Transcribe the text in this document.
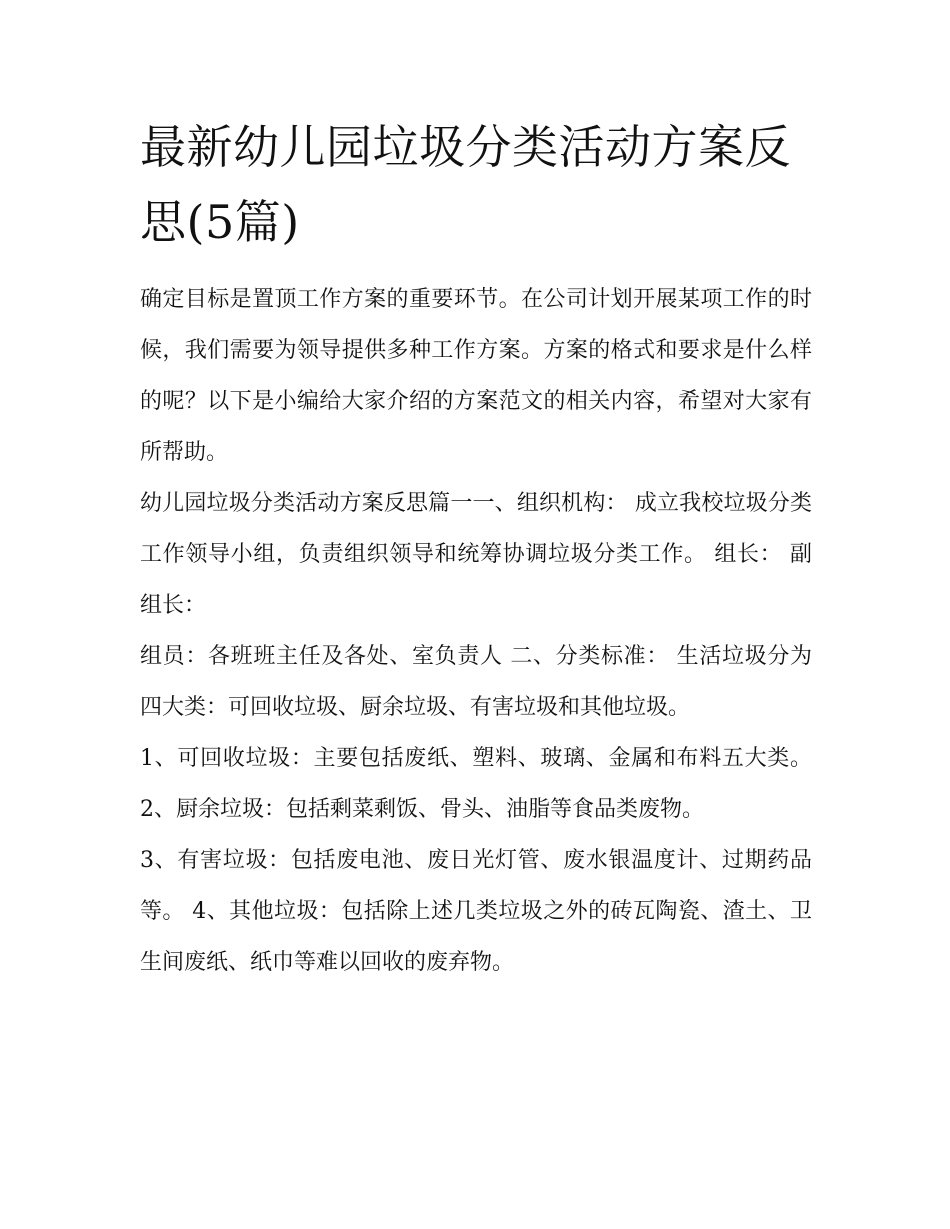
最新幼儿园垃圾分类活动方案反思(5篇)

确定目标是置顶工作方案的重要环节。在公司计划开展某项工作的时候，我们需要为领导提供多种工作方案。方案的格式和要求是什么样的呢？以下是小编给大家介绍的方案范文的相关内容，希望对大家有所帮助。

幼儿园垃圾分类活动方案反思篇一一、组织机构： 成立我校垃圾分类工作领导小组，负责组织领导和统筹协调垃圾分类工作。 组长： 副组长：

组员：各班班主任及各处、室负责人 二、分类标准： 生活垃圾分为四大类：可回收垃圾、厨余垃圾、有害垃圾和其他垃圾。

1、可回收垃圾：主要包括废纸、塑料、玻璃、金属和布料五大类。 2、厨余垃圾：包括剩菜剩饭、骨头、油脂等食品类废物。

3、有害垃圾：包括废电池、废日光灯管、废水银温度计、过期药品等。 4、其他垃圾：包括除上述几类垃圾之外的砖瓦陶瓷、渣土、卫生间废纸、纸巾等难以回收的废弃物。
